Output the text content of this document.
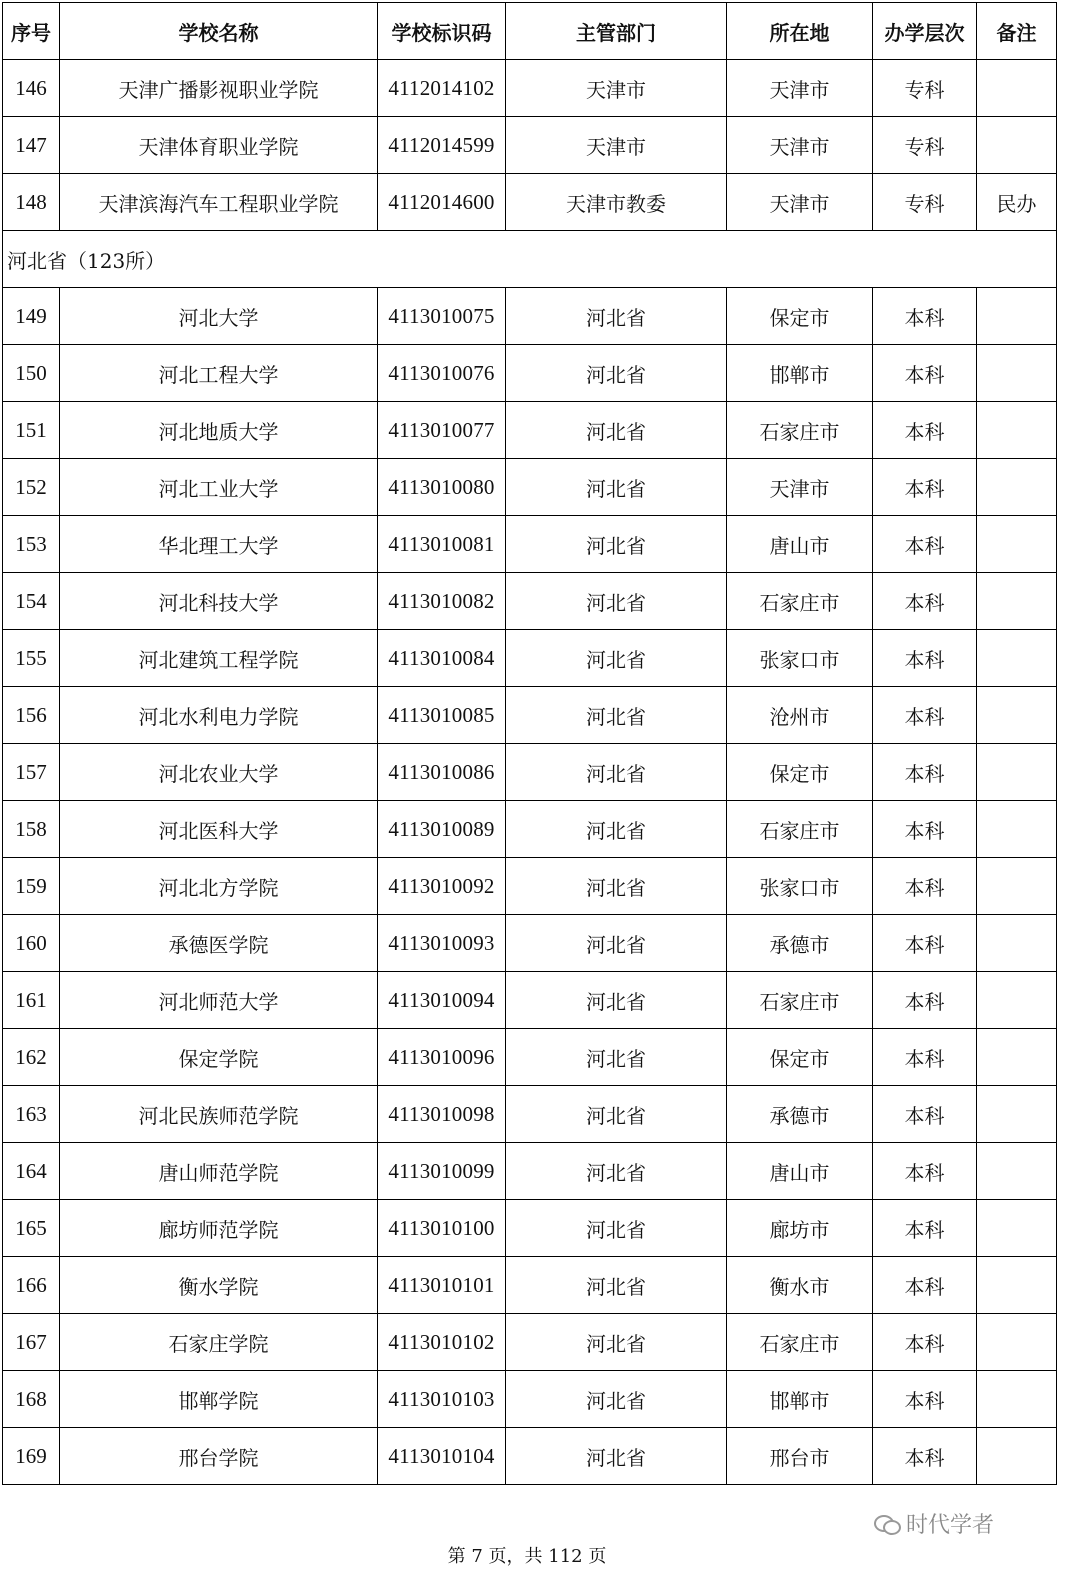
序号	学校名称	学校标识码	主管部门	所在地	办学层次	备注
146	天津广播影视职业学院	4112014102	天津市	天津市	专科	
147	天津体育职业学院	4112014599	天津市	天津市	专科	
148	天津滨海汽车工程职业学院	4112014600	天津市教委	天津市	专科	民办
河北省（123所）						
149	河北大学	4113010075	河北省	保定市	本科	
150	河北工程大学	4113010076	河北省	邯郸市	本科	
151	河北地质大学	4113010077	河北省	石家庄市	本科	
152	河北工业大学	4113010080	河北省	天津市	本科	
153	华北理工大学	4113010081	河北省	唐山市	本科	
154	河北科技大学	4113010082	河北省	石家庄市	本科	
155	河北建筑工程学院	4113010084	河北省	张家口市	本科	
156	河北水利电力学院	4113010085	河北省	沧州市	本科	
157	河北农业大学	4113010086	河北省	保定市	本科	
158	河北医科大学	4113010089	河北省	石家庄市	本科	
159	河北北方学院	4113010092	河北省	张家口市	本科	
160	承德医学院	4113010093	河北省	承德市	本科	
161	河北师范大学	4113010094	河北省	石家庄市	本科	
162	保定学院	4113010096	河北省	保定市	本科	
163	河北民族师范学院	4113010098	河北省	承德市	本科	
164	唐山师范学院	4113010099	河北省	唐山市	本科	
165	廊坊师范学院	4113010100	河北省	廊坊市	本科	
166	衡水学院	4113010101	河北省	衡水市	本科	
167	石家庄学院	4113010102	河北省	石家庄市	本科	
168	邯郸学院	4113010103	河北省	邯郸市	本科	
169	邢台学院	4113010104	河北省	邢台市	本科	
时代学者
第 7 页，共 112 页
